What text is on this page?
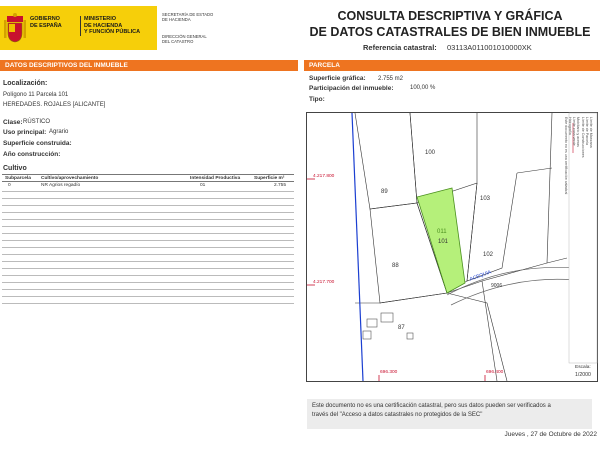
GOBIERNO
DE ESPAÑA
MINISTERIO
DE HACIENDA
Y FUNCIÓN PÚBLICA
SECRETARÍA DE ESTADO
DE HACIENDA
DIRECCIÓN GENERAL
DEL CATASTRO
CONSULTA DESCRIPTIVA Y GRÁFICA
DE DATOS CATASTRALES DE BIEN INMUEBLE
Referencia catastral: 03113A011001010000XK
DATOS DESCRIPTIVOS DEL INMUEBLE	PARCELA
Localización:
Polígono 11 Parcela 101
HEREDADES. ROJALES [ALICANTE]
Clase: RÚSTICO
Uso principal: Agrario
Superficie construida:
Año construcción:
Cultivo
Subparcela Cultivo/aprovechamiento	Intensidad Productiva	Superficie m²
0	NR Agrios regadío	01	2.755
Superficie gráfica: 2.755 m2
Participación del inmueble:	100,00 %
Tipo:
100
89
103
011
101
88
102
87
4.217.800
4.217.700
696.300	696.400
ACEQUIA
9006
Límite de Manzana
Límite de Parcela
Límite de Construcciones
Mobiliario y aceras
Límite zona verde
Hidrografía
Este documento no es una certificación catastral
Escala:
1/2000
Este documento no es una certificación catastral, pero sus datos pueden ser verificados a
través del "Acceso a datos catastrales no protegidos de la SEC"
Jueves , 27 de Octubre de 2022
